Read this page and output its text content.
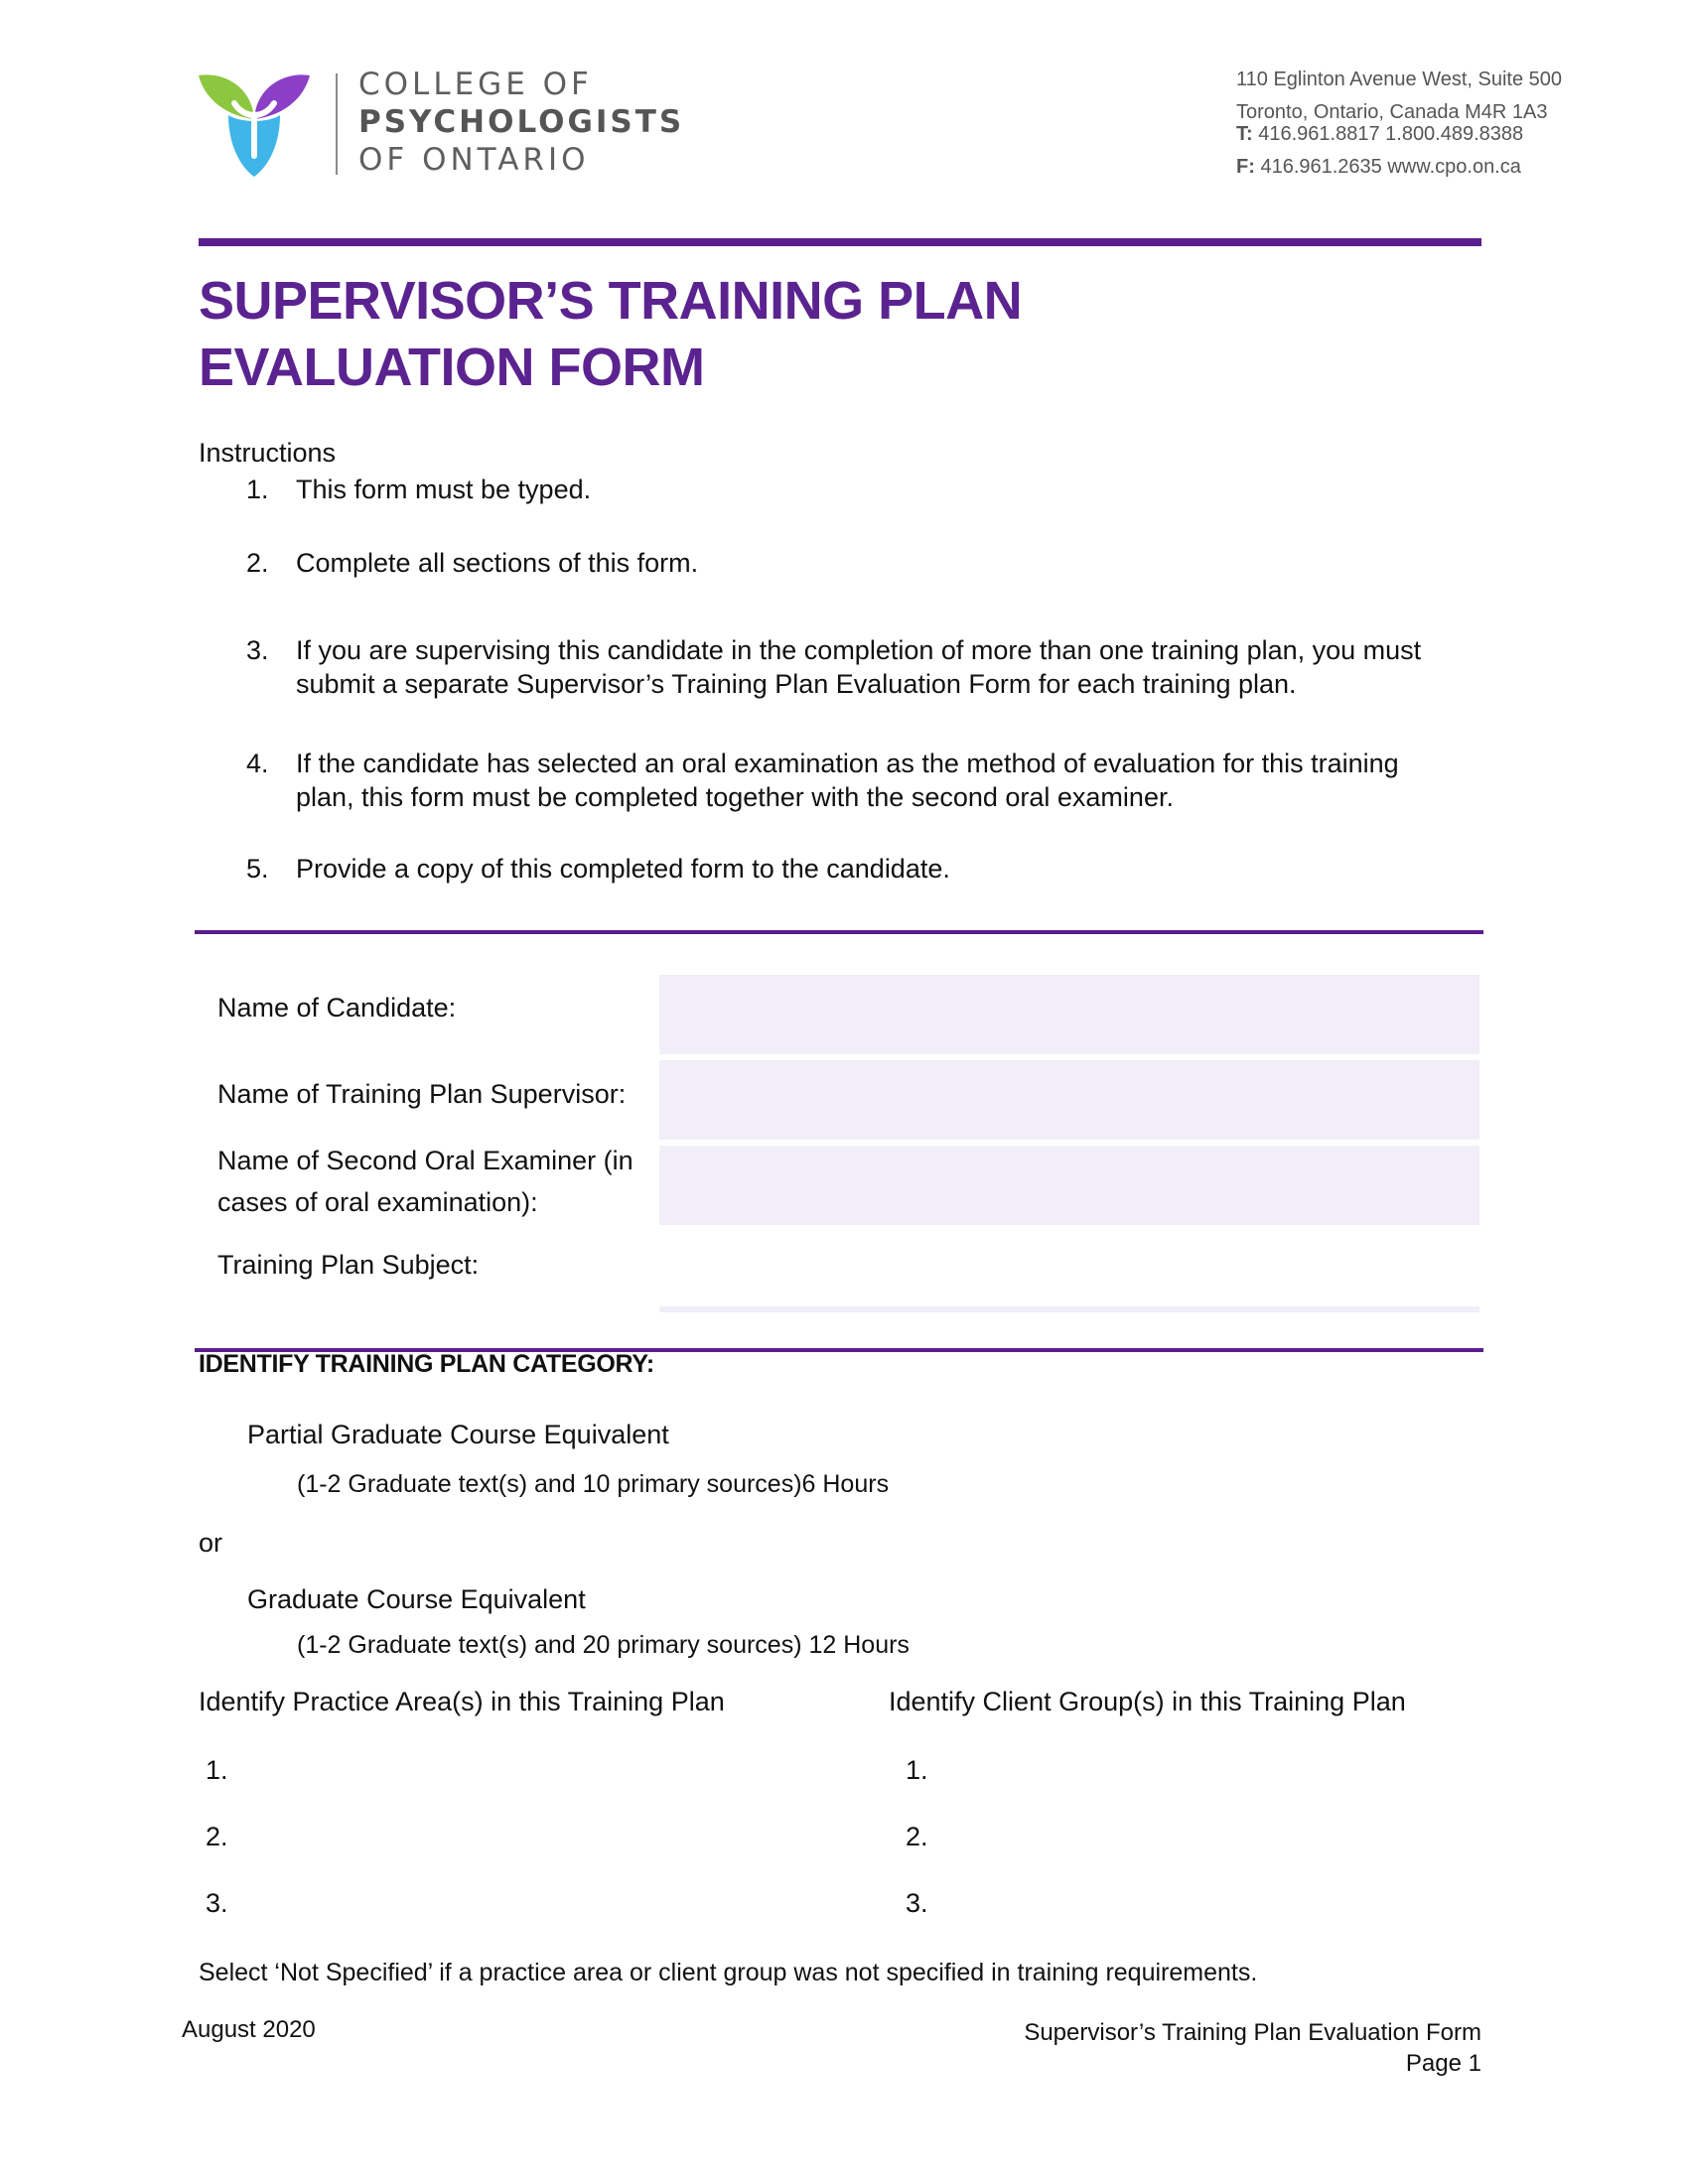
COLLEGE OF
PSYCHOLOGISTS
OF ONTARIO
110 Eglinton Avenue West, Suite 500
Toronto, Ontario, Canada M4R 1A3
T: 416.961.8817 1.800.489.8388
F: 416.961.2635 www.cpo.on.ca
SUPERVISOR’S TRAINING PLAN
EVALUATION FORM
Instructions
1. This form must be typed.
2. Complete all sections of this form.
3. If you are supervising this candidate in the completion of more than one training plan, you must
submit a separate Supervisor’s Training Plan Evaluation Form for each training plan.
4. If the candidate has selected an oral examination as the method of evaluation for this training
plan, this form must be completed together with the second oral examiner.
5. Provide a copy of this completed form to the candidate.
Name of Candidate:
Name of Training Plan Supervisor:
Name of Second Oral Examiner (in
cases of oral examination):
Training Plan Subject:
IDENTIFY TRAINING PLAN CATEGORY:
Partial Graduate Course Equivalent
(1-2 Graduate text(s) and 10 primary sources)6 Hours
or
Graduate Course Equivalent
(1-2 Graduate text(s) and 20 primary sources) 12 Hours
Identify Practice Area(s) in this Training Plan
1.
2.
3.
Identify Client Group(s) in this Training Plan
1.
2.
3.
Select ‘Not Specified’ if a practice area or client group was not specified in training requirements.
August 2020	Supervisor’s Training Plan Evaluation Form
Page 1
